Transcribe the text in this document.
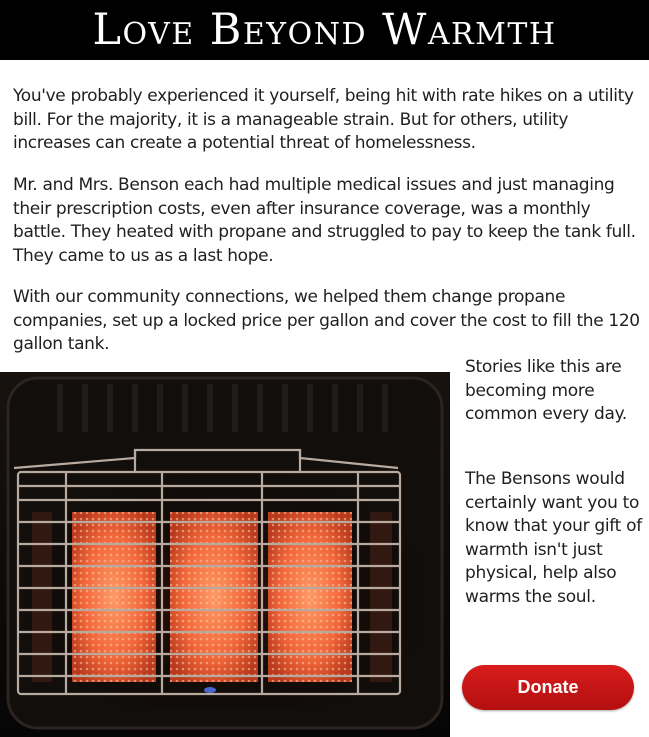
Love Beyond Warmth

You've probably experienced it yourself, being hit with rate hikes on a utility bill. For the majority, it is a manageable strain. But for others, utility increases can create a potential threat of homelessness.

Mr. and Mrs. Benson each had multiple medical issues and just managing their prescription costs, even after insurance coverage, was a monthly battle. They heated with propane and struggled to pay to keep the tank full. They came to us as a last hope.

With our community connections, we helped them change propane companies, set up a locked price per gallon and cover the cost to fill the 120 gallon tank.

Stories like this are becoming more common every day.

The Bensons would certainly want you to know that your gift of warmth isn't just physical, help also warms the soul.

Donate
